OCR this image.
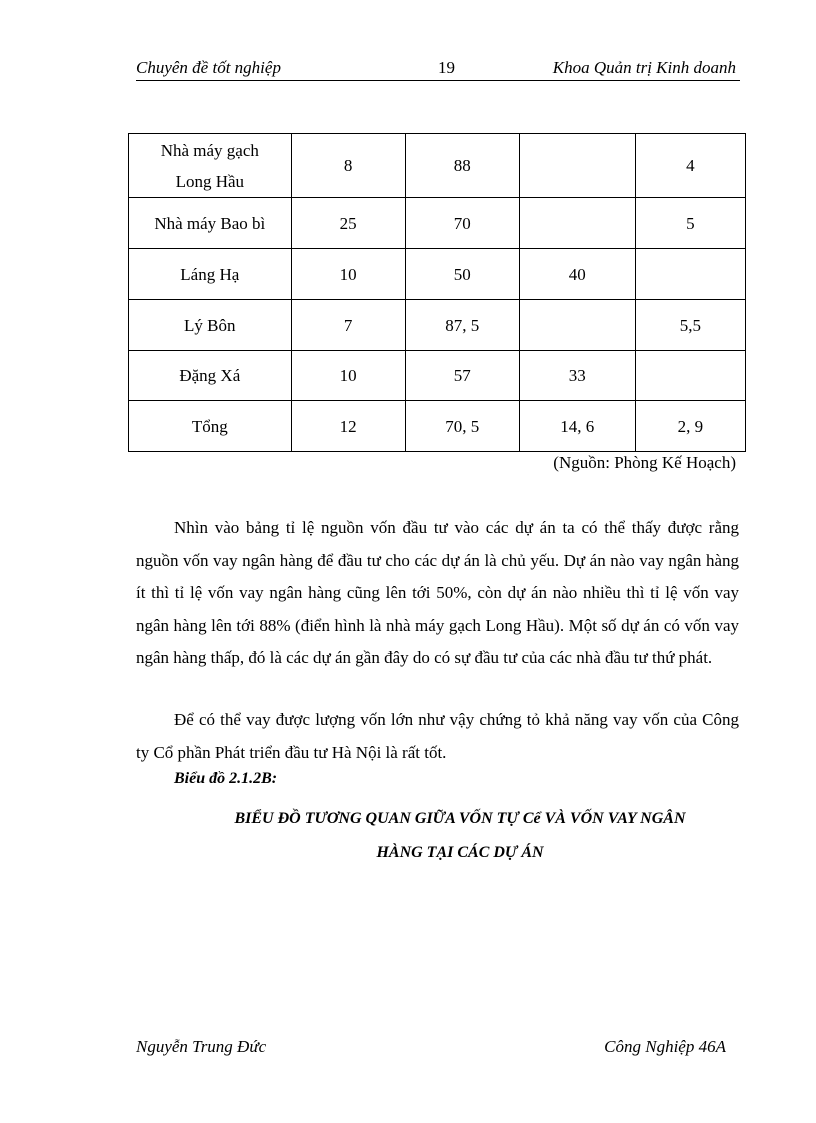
Chuyên đề tốt nghiệp	19	Khoa Quản trị Kinh doanh
Nhà máy gạch Long Hầu	8	88		4
Nhà máy Bao bì	25	70		5
Láng Hạ	10	50	40	
Lý Bôn	7	87, 5		5,5
Đặng Xá	10	57	33	
Tổng	12	70, 5	14, 6	2, 9
(Nguồn: Phòng Kế Hoạch)

Nhìn vào bảng tỉ lệ nguồn vốn đầu tư vào các dự án ta có thể thấy được rằng nguồn vốn vay ngân hàng để đầu tư cho các dự án là chủ yếu. Dự án nào vay ngân hàng ít thì tỉ lệ vốn vay ngân hàng cũng lên tới 50%, còn dự án nào nhiều thì tỉ lệ vốn vay ngân hàng lên tới 88% (điển hình là nhà máy gạch Long Hầu). Một số dự án có vốn vay ngân hàng thấp, đó là các dự án gần đây do có sự đầu tư của các nhà đầu tư thứ phát.

Để có thể vay được lượng vốn lớn như vậy chứng tỏ khả năng vay vốn của Công ty Cổ phần Phát triển đầu tư Hà Nội là rất tốt.

Biểu đồ 2.1.2B:
BIỂU ĐỒ TƯƠNG QUAN GIỮA VỐN TỰ Cể VÀ VỐN VAY NGÂN
HÀNG TẠI CÁC DỰ ÁN
Nguyễn Trung Đức	Công Nghiệp 46A
